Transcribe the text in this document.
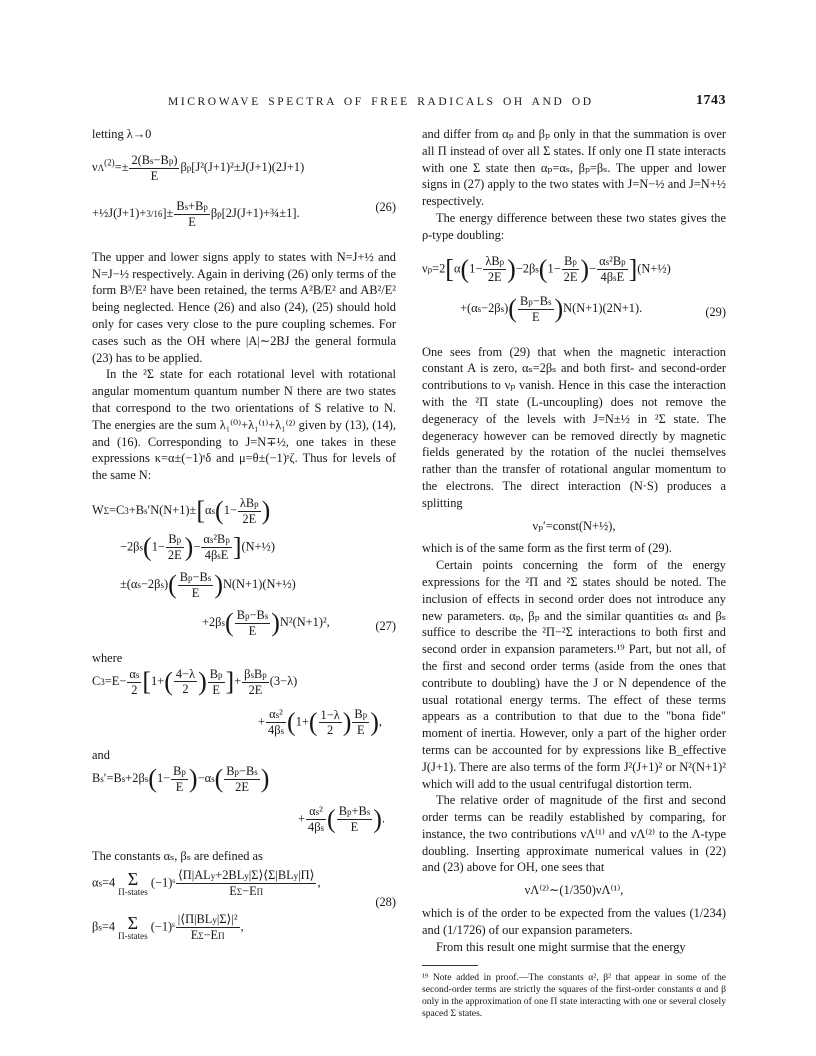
MICROWAVE SPECTRA OF FREE RADICALS OH AND OD	1743

letting λ→0

$\nu\Lambda^{(2)}=\pm \frac{2(Bs-Bp)}{E} \beta p[J^2(J+1)^2\pm J(J+1)(2J+1)$
+½J(J+1)+3/16]± $\frac{Bs+Bp}{E}$ βp[2J(J+1)+¾±1].	(26)

The upper and lower signs apply to states with N=J+½ and N=J−½ respectively. Again in deriving (26) only terms of the form B³/E² have been retained, the terms A²B/E² and AB²/E² being neglected. Hence (26) and also (24), (25) should hold only for cases very close to the pure coupling schemes. For cases such as the OH where |A|∼2BJ the general formula (23) has to be applied.

In the ²Σ state for each rotational level with rotational angular momentum quantum number N there are two states that correspond to the two orientations of S relative to N. The energies are the sum λ₁⁽⁰⁾+λ₁⁽¹⁾+λ₁⁽²⁾ given by (13), (14), and (16). Corresponding to J=N∓½, one takes in these expressions κ=α±(−1)ˢδ and μ=θ±(−1)ˢζ. Thus for levels of the same N:

$W\Sigma=C3+Bs'N(N+1)\pm[\alpha s(1- \frac{\text{λBp}}{2E}$ )
$-2\beta s(1- \frac{Bp}{2E}$ )− $\frac{\text{αs²Bp}}{\text{4βsE}}$ ](N+½)
$\pm(\alpha s-2\beta s)( \frac{Bp-Bs}{E}$ )N(N+1)(N+½)
$+2\beta s( \frac{Bp-Bs}{E} )N^2(N+1)^2$,	(27)

where

$C3=E- \frac{\alpha s}{2} [1+( \frac{4-\lambda}{2}$ ) $\frac{Bp}{E}$ ]+ $\frac{\text{βsBp}}{2E} (3-\lambda)$
+ $\frac{\text{αs²}}{4\beta s} (1+( \frac{1-\lambda}{2}$ ) $\frac{Bp}{E}$ ),

and

$Bs'=Bs+2\beta s(1- \frac{Bp}{E} )-\alpha s( \frac{Bp-Bs}{2E}$ )
+ $\frac{\text{αs²}}{4\beta s}$ ( $\frac{Bp+Bs}{E}$ ).

The constants αₛ, βₛ are defined as

αs=4 Σ
Π-states (−1)ˢ $\frac{\text{⟨Π|ALy+2BLy|Σ⟩⟨Σ|BLy|Π⟩}}{E\Sigma-E\Pi}$ ,
βs=4 Σ
Π-states (−1)ˢ $\frac{\text{|⟨Π|BLy|Σ⟩|²}}{E\Sigma-E\Pi}$ ,
(28)

and differ from αₚ and βₚ only in that the summation is over all Π instead of over all Σ states. If only one Π state interacts with one Σ state then αₚ=αₛ, βₚ=βₛ. The upper and lower signs in (27) apply to the two states with J=N−½ and J=N+½ respectively.

The energy difference between these two states gives the ρ-type doubling:

$\nu\rho=2[\alpha(1- \frac{\text{λBp}}{2E} )-2\beta s(1- \frac{Bp}{2E}$ )− $\frac{\text{αs²Bp}}{\text{4βsE}}$ ](N+½)
$+(\alpha s-2\beta s)( \frac{Bp-Bs}{E} )N(N+1)(2N+1)$.	(29)

One sees from (29) that when the magnetic interaction constant A is zero, αₛ=2βₛ and both first- and second-order contributions to νₚ vanish. Hence in this case the interaction with the ²Π state (L-uncoupling) does not remove the degeneracy of the levels with J=N±½ in ²Σ state. The degeneracy however can be removed directly by magnetic fields generated by the rotation of the nuclei themselves rather than the transfer of rotational angular momentum to the electrons. The direct interaction (N·S) produces a splitting

νₚ′=const(N+½),

which is of the same form as the first term of (29).

Certain points concerning the form of the energy expressions for the ²Π and ²Σ states should be noted. The inclusion of effects in second order does not introduce any new parameters. αₚ, βₚ and the similar quantities αₛ and βₛ suffice to describe the ²Π−²Σ interactions to both first and second order in expansion parameters.¹⁹ Part, but not all, of the first and second order terms (aside from the ones that contribute to doubling) have the J or N dependence of the usual rotational energy terms. The effect of these terms appears as a contribution to that due to the "bona fide" moment of inertia. However, only a part of the higher order terms can be accounted for by expressions like B_effective J(J+1). There are also terms of the form J²(J+1)² or N²(N+1)² which will add to the usual centrifugal distortion term.

The relative order of magnitude of the first and second order terms can be readily established by comparing, for instance, the two contributions νΛ⁽¹⁾ and νΛ⁽²⁾ to the Λ-type doubling. Inserting approximate numerical values in (22) and (23) above for OH, one sees that

νΛ⁽²⁾∼(1/350)νΛ⁽¹⁾,

which is of the order to be expected from the values (1/234) and (1/1726) of our expansion parameters.

From this result one might surmise that the energy

¹⁹ Note added in proof.—The constants α², β² that appear in some of the second-order terms are strictly the squares of the first-order constants α and β only in the approximation of one Π state interacting with one or several closely spaced Σ states.
